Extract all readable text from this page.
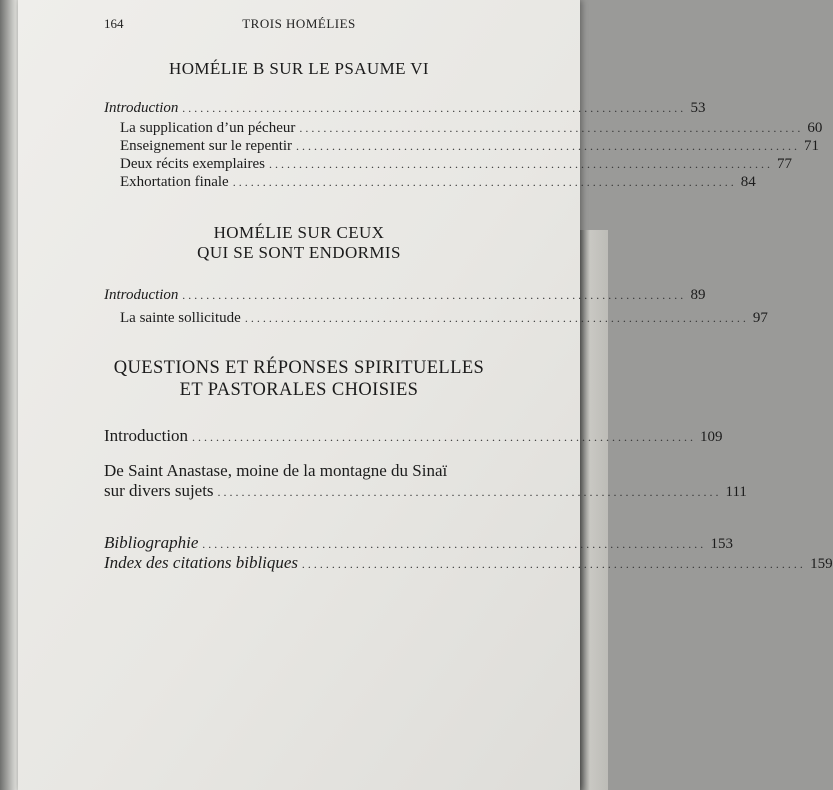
164	TROIS HOMÉLIES
HOMÉLIE B SUR LE PSAUME VI
Introduction .................................................................................... 53
La supplication d’un pécheur .................................................................................... 60
Enseignement sur le repentir .................................................................................... 71
Deux récits exemplaires .................................................................................... 77
Exhortation finale .................................................................................... 84
HOMÉLIE SUR CEUX
QUI SE SONT ENDORMIS
Introduction .................................................................................... 89
La sainte sollicitude .................................................................................... 97
QUESTIONS ET RÉPONSES SPIRITUELLES
ET PASTORALES CHOISIES
Introduction .................................................................................... 109
De Saint Anastase, moine de la montagne du Sinaï
sur divers sujets .................................................................................... 111
Bibliographie .................................................................................... 153
Index des citations bibliques .................................................................................... 159
